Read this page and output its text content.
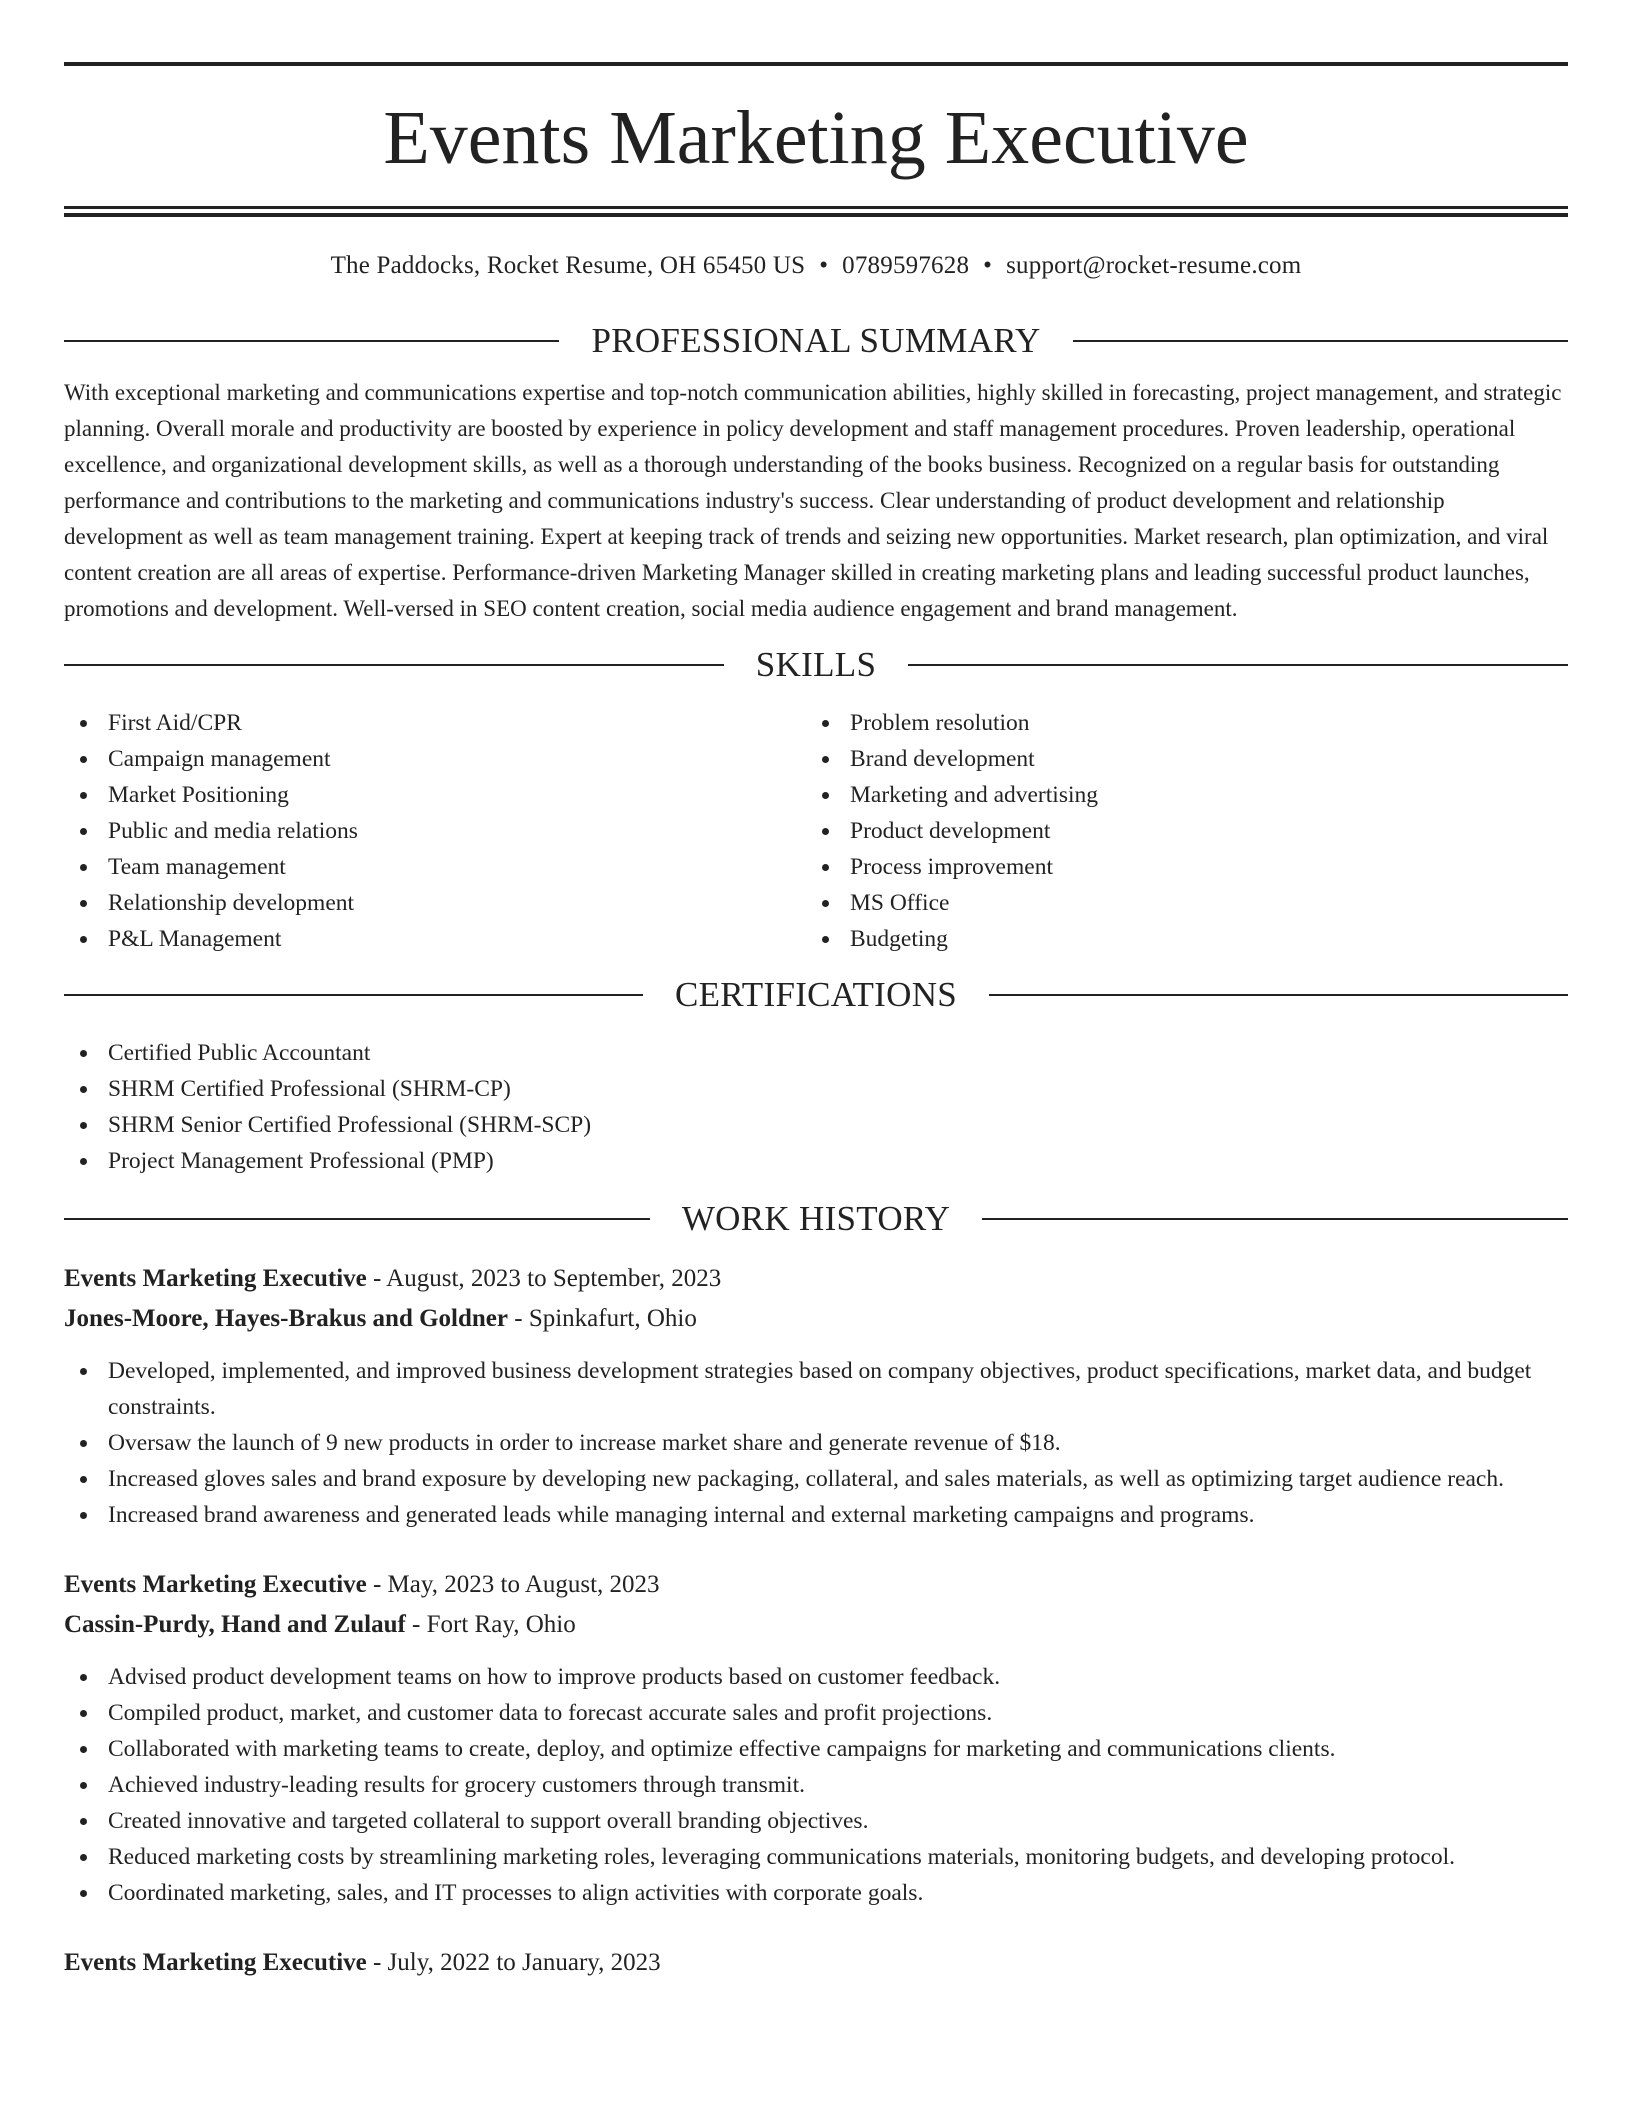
Events Marketing Executive
The Paddocks, Rocket Resume, OH 65450 US • 0789597628 • support@rocket-resume.com
PROFESSIONAL SUMMARY

With exceptional marketing and communications expertise and top-notch communication abilities, highly skilled in forecasting, project management, and strategic planning. Overall morale and productivity are boosted by experience in policy development and staff management procedures. Proven leadership, operational excellence, and organizational development skills, as well as a thorough understanding of the books business. Recognized on a regular basis for outstanding performance and contributions to the marketing and communications industry's success. Clear understanding of product development and relationship development as well as team management training. Expert at keeping track of trends and seizing new opportunities. Market research, plan optimization, and viral content creation are all areas of expertise. Performance-driven Marketing Manager skilled in creating marketing plans and leading successful product launches, promotions and development. Well-versed in SEO content creation, social media audience engagement and brand management.

SKILLS
First Aid/CPR
Campaign management
Market Positioning
Public and media relations
Team management
Relationship development
P&L Management
Problem resolution
Brand development
Marketing and advertising
Product development
Process improvement
MS Office
Budgeting
CERTIFICATIONS
Certified Public Accountant
SHRM Certified Professional (SHRM-CP)
SHRM Senior Certified Professional (SHRM-SCP)
Project Management Professional (PMP)
WORK HISTORY
Events Marketing Executive - August, 2023 to September, 2023
Jones-Moore, Hayes-Brakus and Goldner - Spinkafurt, Ohio
Developed, implemented, and improved business development strategies based on company objectives, product specifications, market data, and budget constraints.
Oversaw the launch of 9 new products in order to increase market share and generate revenue of $18.
Increased gloves sales and brand exposure by developing new packaging, collateral, and sales materials, as well as optimizing target audience reach.
Increased brand awareness and generated leads while managing internal and external marketing campaigns and programs.
Events Marketing Executive - May, 2023 to August, 2023
Cassin-Purdy, Hand and Zulauf - Fort Ray, Ohio
Advised product development teams on how to improve products based on customer feedback.
Compiled product, market, and customer data to forecast accurate sales and profit projections.
Collaborated with marketing teams to create, deploy, and optimize effective campaigns for marketing and communications clients.
Achieved industry-leading results for grocery customers through transmit.
Created innovative and targeted collateral to support overall branding objectives.
Reduced marketing costs by streamlining marketing roles, leveraging communications materials, monitoring budgets, and developing protocol.
Coordinated marketing, sales, and IT processes to align activities with corporate goals.
Events Marketing Executive - July, 2022 to January, 2023
